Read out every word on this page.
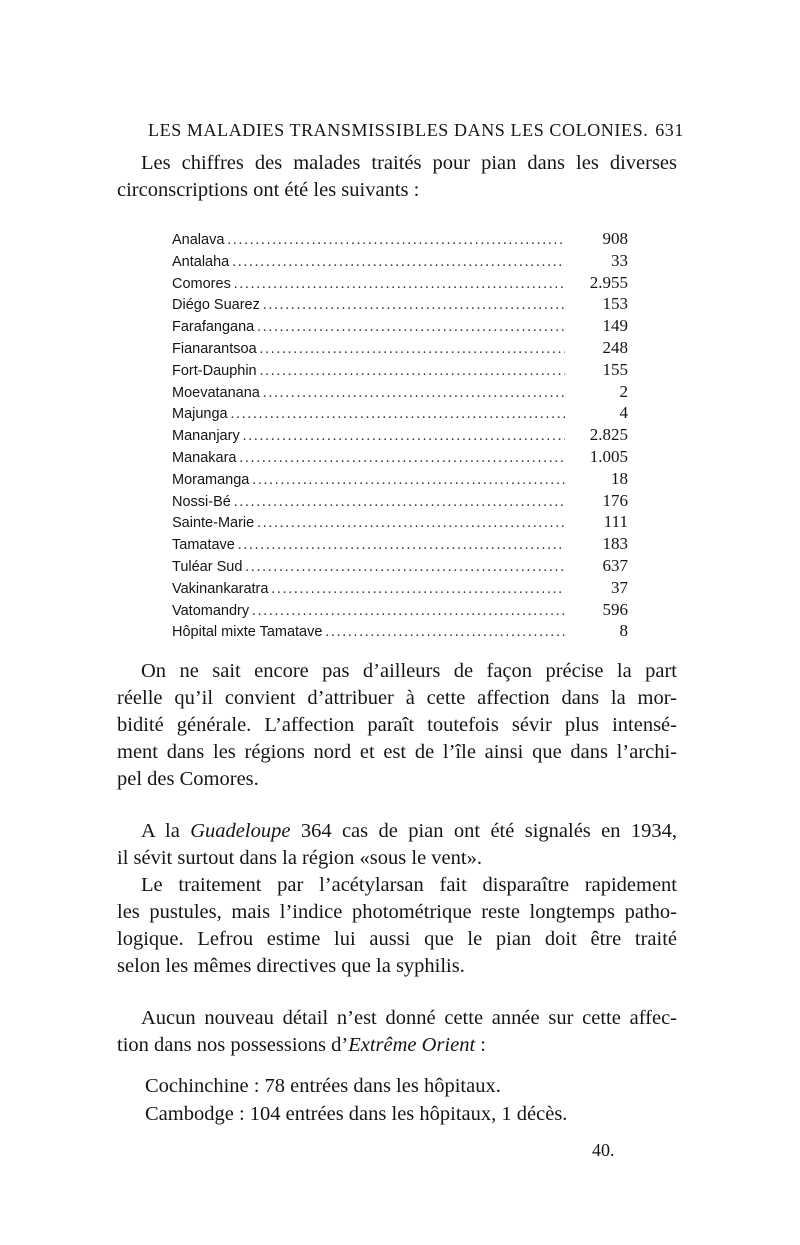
LES MALADIES TRANSMISSIBLES DANS LES COLONIES. 631

Les chiffres des malades traités pour pian dans les diverses
circonscriptions ont été les suivants :

Analava .....	908
Antalaha .....	33
Comores .....	2.955
Diégo Suarez .....	153
Farafangana .....	149
Fianarantsoa .....	248
Fort-Dauphin .....	155
Moevatanana .....	2
Majunga .....	4
Mananjary .....	2.825
Manakara .....	1.005
Moramanga .....	18
Nossi-Bé .....	176
Sainte-Marie .....	111
Tamatave .....	183
Tuléar Sud .....	637
Vakinankaratra .....	37
Vatomandry .....	596
Hôpital mixte Tamatave .....	8

On ne sait encore pas d’ailleurs de façon précise la part
réelle qu’il convient d’attribuer à cette affection dans la mor-
bidité générale. L’affection paraît toutefois sévir plus intensé-
ment dans les régions nord et est de l’île ainsi que dans l’archi-
pel des Comores.

A la Guadeloupe 364 cas de pian ont été signalés en 1934,
il sévit surtout dans la région «sous le vent».

Le traitement par l’acétylarsan fait disparaître rapidement
les pustules, mais l’indice photométrique reste longtemps patho-
logique. Lefrou estime lui aussi que le pian doit être traité
selon les mêmes directives que la syphilis.

Aucun nouveau détail n’est donné cette année sur cette affec-
tion dans nos possessions d’Extrême Orient :

Cochinchine : 78 entrées dans les hôpitaux.
Cambodge : 104 entrées dans les hôpitaux, 1 décès.
40.
